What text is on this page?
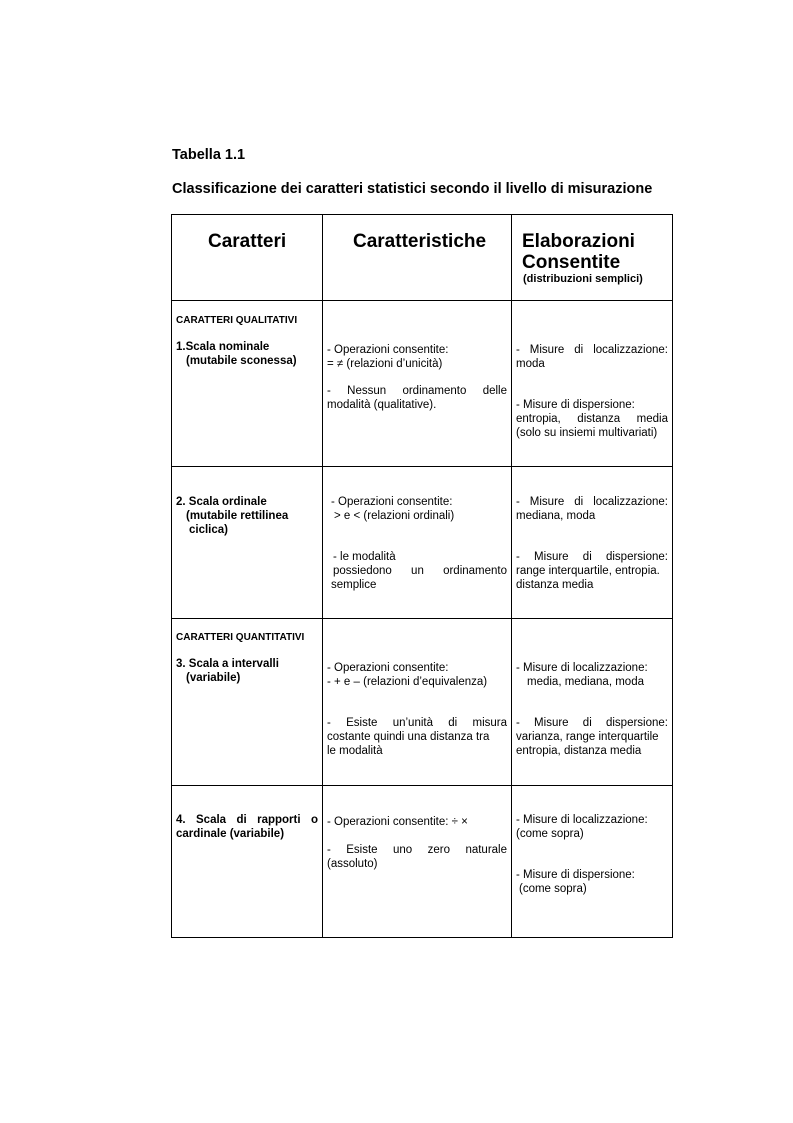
Tabella 1.1
Classificazione dei caratteri statistici secondo il livello di misurazione
Caratteri	Caratteristiche Elaborazioni
Consentite
(distribuzioni semplici)
CARATTERI QUALITATIVI
1.Scala nominale
(mutabile sconessa)
- Operazioni consentite:
= ≠ (relazioni d’unicità)
- Nessun ordinamento delle
modalità (qualitative).
- Misure di localizzazione:
moda
- Misure di dispersione:
entropia, distanza media
(solo su insiemi multivariati)
2. Scala ordinale
(mutabile rettilinea
ciclica)
- Operazioni consentite:
> e < (relazioni ordinali)
- le modalità
possiedono un ordinamento
semplice
- Misure di localizzazione:
mediana, moda
- Misure di dispersione:
range interquartile, entropia.
distanza media
CARATTERI QUANTITATIVI
3. Scala a intervalli
(variabile)
- Operazioni consentite:
- + e – (relazioni d’equivalenza)
- Esiste un’unità di misura
costante quindi una distanza tra
le modalità
- Misure di localizzazione:
media, mediana, moda
- Misure di dispersione:
varianza, range interquartile
entropia, distanza media
4. Scala di rapporti o
cardinale (variabile)
- Operazioni consentite: ÷ ×
- Esiste uno zero naturale
(assoluto)
- Misure di localizzazione:
(come sopra)
- Misure di dispersione:
(come sopra)
